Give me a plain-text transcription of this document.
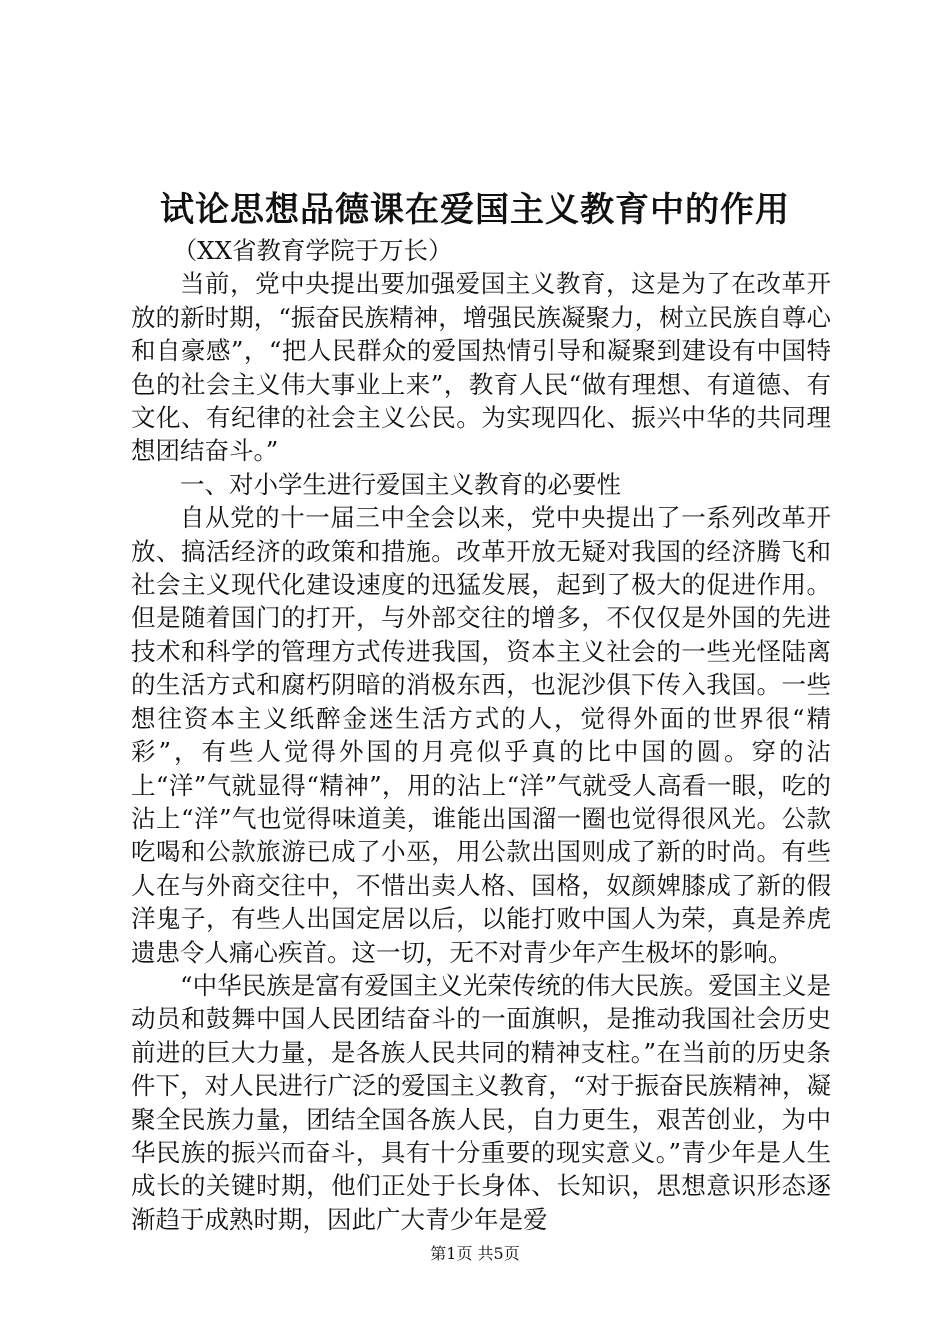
试论思想品德课在爱国主义教育中的作用

（XX省教育学院于万长）

当前，党中央提出要加强爱国主义教育，这是为了在改革开放的新时期，“振奋民族精神，增强民族凝聚力，树立民族自尊心和自豪感”，“把人民群众的爱国热情引导和凝聚到建设有中国特色的社会主义伟大事业上来”，教育人民“做有理想、有道德、有文化、有纪律的社会主义公民。为实现四化、振兴中华的共同理想团结奋斗。”

一、对小学生进行爱国主义教育的必要性

自从党的十一届三中全会以来，党中央提出了一系列改革开放、搞活经济的政策和措施。改革开放无疑对我国的经济腾飞和社会主义现代化建设速度的迅猛发展，起到了极大的促进作用。但是随着国门的打开，与外部交往的增多，不仅仅是外国的先进技术和科学的管理方式传进我国，资本主义社会的一些光怪陆离的生活方式和腐朽阴暗的消极东西，也泥沙俱下传入我国。一些想往资本主义纸醉金迷生活方式的人，觉得外面的世界很“精彩”，有些人觉得外国的月亮似乎真的比中国的圆。穿的沾上“洋”气就显得“精神”，用的沾上“洋”气就受人高看一眼，吃的沾上“洋”气也觉得味道美，谁能出国溜一圈也觉得很风光。公款吃喝和公款旅游已成了小巫，用公款出国则成了新的时尚。有些人在与外商交往中，不惜出卖人格、国格，奴颜婢膝成了新的假洋鬼子，有些人出国定居以后，以能打败中国人为荣，真是养虎遗患令人痛心疾首。这一切，无不对青少年产生极坏的影响。

“中华民族是富有爱国主义光荣传统的伟大民族。爱国主义是动员和鼓舞中国人民团结奋斗的一面旗帜，是推动我国社会历史前进的巨大力量，是各族人民共同的精神支柱。”在当前的历史条件下，对人民进行广泛的爱国主义教育，“对于振奋民族精神，凝聚全民族力量，团结全国各族人民，自力更生，艰苦创业，为中华民族的振兴而奋斗，具有十分重要的现实意义。”青少年是人生成长的关键时期，他们正处于长身体、长知识，思想意识形态逐渐趋于成熟时期，因此广大青少年是爱

第1页 共5页
